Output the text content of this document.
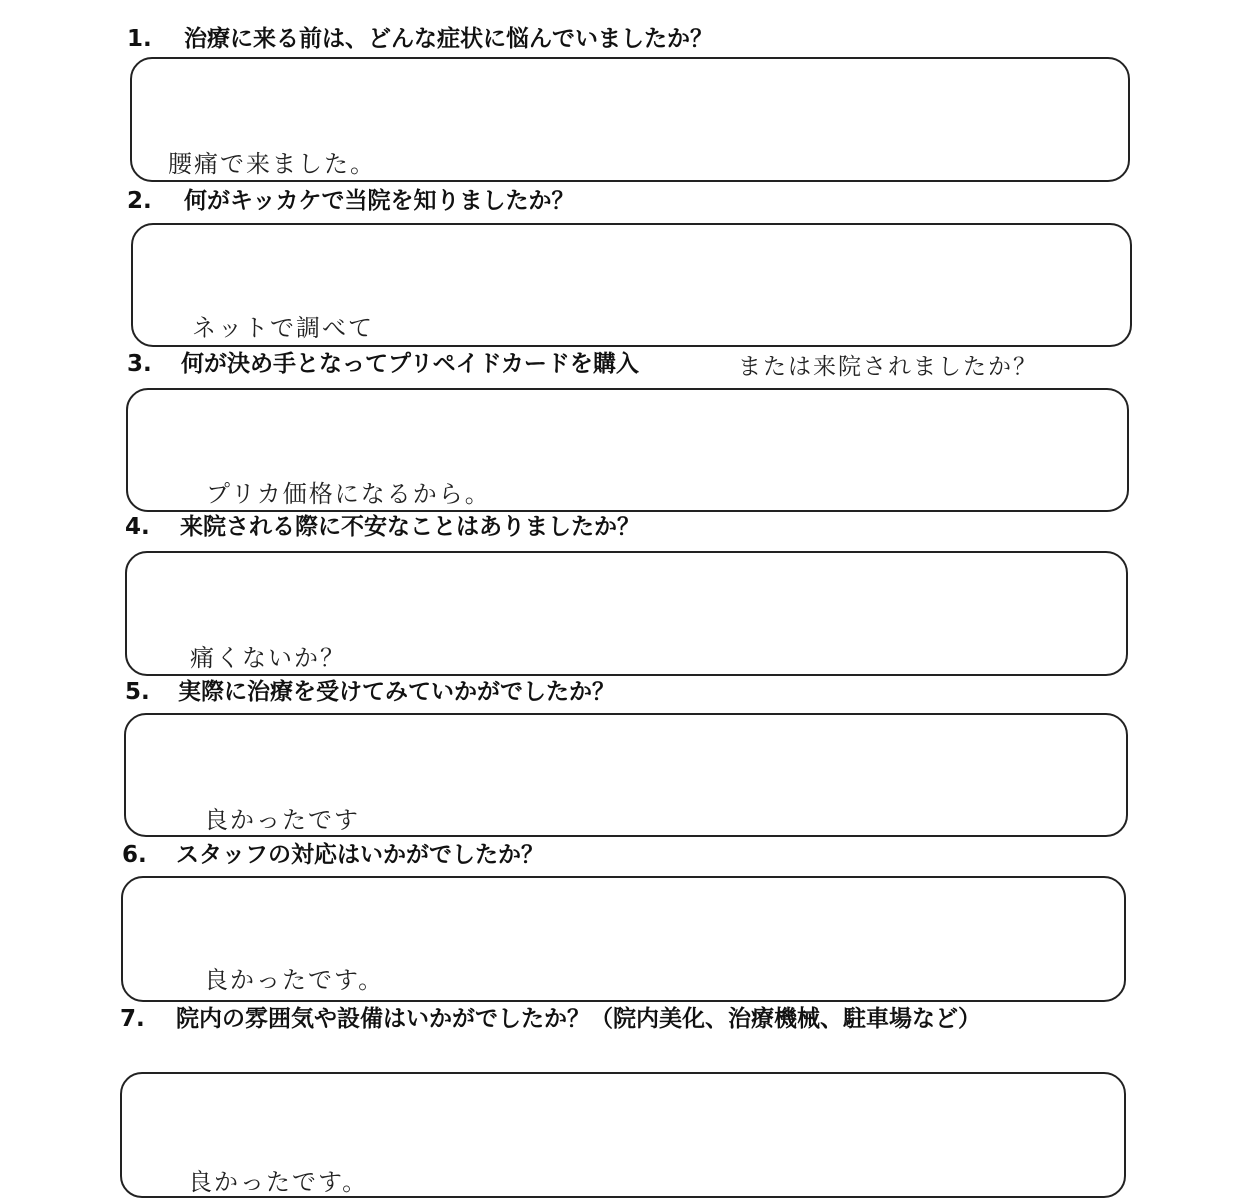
1. 治療に来る前は、どんな症状に悩んでいましたか？
腰痛で来ました。
2. 何がキッカケで当院を知りましたか？
ネットで調べて
3. 何が決め手となってプリペイドカードを購入	または来院されましたか？
プリカ価格になるから。
4. 来院される際に不安なことはありましたか？
痛くないか？
5. 実際に治療を受けてみていかがでしたか？
良かったです
6. スタッフの対応はいかがでしたか？
良かったです。
7. 院内の雰囲気や設備はいかがでしたか？（院内美化、治療機械、駐車場など）
良かったです。
